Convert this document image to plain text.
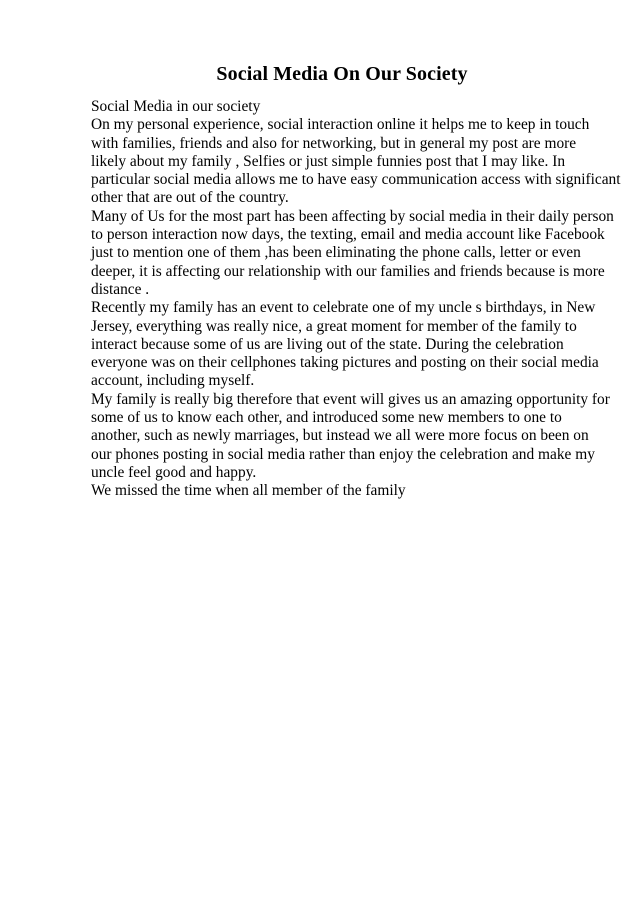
Social Media On Our Society
Social Media in our society
On my personal experience, social interaction online it helps me to keep in touch
with families, friends and also for networking, but in general my post are more
likely about my family , Selfies or just simple funnies post that I may like. In
particular social media allows me to have easy communication access with significant
other that are out of the country.
Many of Us for the most part has been affecting by social media in their daily person
to person interaction now days, the texting, email and media account like Facebook
just to mention one of them ,has been eliminating the phone calls, letter or even
deeper, it is affecting our relationship with our families and friends because is more
distance .
Recently my family has an event to celebrate one of my uncle s birthdays, in New
Jersey, everything was really nice, a great moment for member of the family to
interact because some of us are living out of the state. During the celebration
everyone was on their cellphones taking pictures and posting on their social media
account, including myself.
My family is really big therefore that event will gives us an amazing opportunity for
some of us to know each other, and introduced some new members to one to
another, such as newly marriages, but instead we all were more focus on been on
our phones posting in social media rather than enjoy the celebration and make my
uncle feel good and happy.
We missed the time when all member of the family
